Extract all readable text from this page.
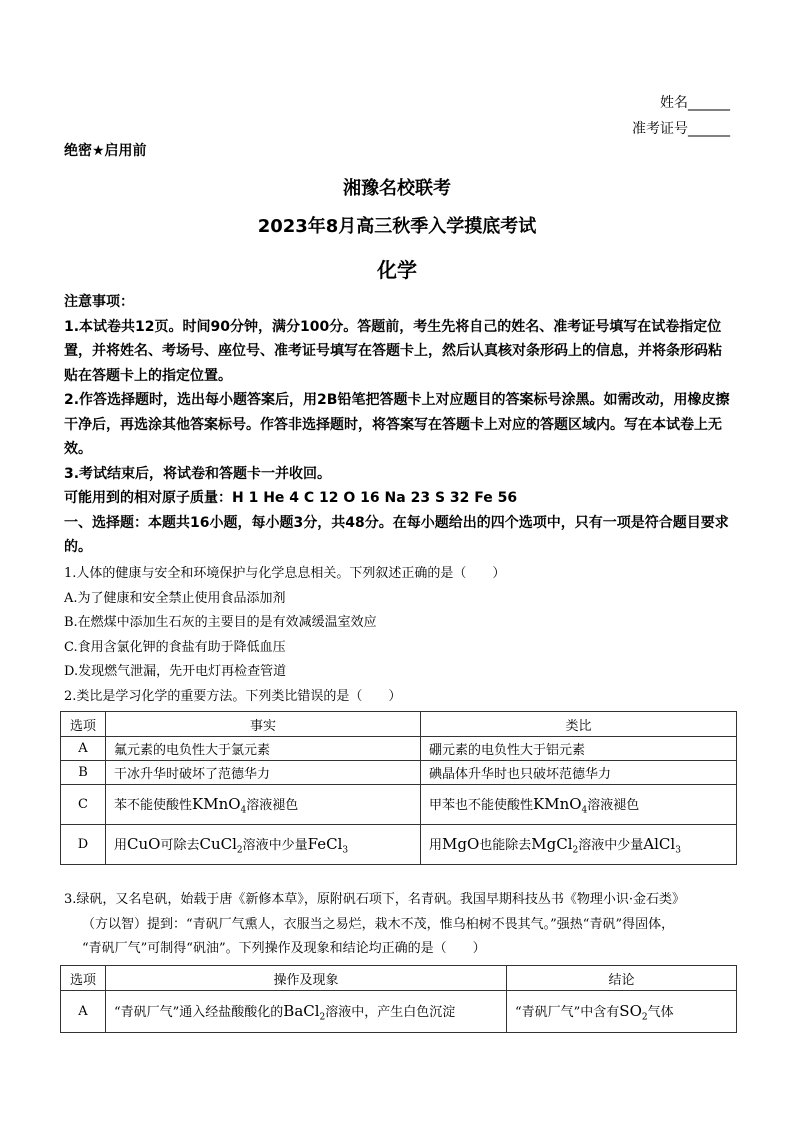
姓名______
准考证号______
绝密★启用前
湘豫名校联考
2023年8月高三秋季入学摸底考试
化学

注意事项：

1.本试卷共12页。时间90分钟，满分100分。答题前，考生先将自己的姓名、准考证号填写在试卷指定位置，并将姓名、考场号、座位号、准考证号填写在答题卡上，然后认真核对条形码上的信息，并将条形码粘贴在答题卡上的指定位置。

2.作答选择题时，选出每小题答案后，用2B铅笔把答题卡上对应题目的答案标号涂黑。如需改动，用橡皮擦干净后，再选涂其他答案标号。作答非选择题时，将答案写在答题卡上对应的答题区域内。写在本试卷上无效。

3.考试结束后，将试卷和答题卡一并收回。

可能用到的相对原子质量：H 1 He 4 C 12 O 16 Na 23 S 32 Fe 56

一、选择题：本题共16小题，每小题3分，共48分。在每小题给出的四个选项中，只有一项是符合题目要求的。

1.人体的健康与安全和环境保护与化学息息相关。下列叙述正确的是（　　）

A.为了健康和安全禁止使用食品添加剂

B.在燃煤中添加生石灰的主要目的是有效减缓温室效应

C.食用含氯化钾的食盐有助于降低血压

D.发现燃气泄漏，先开电灯再检查管道

2.类比是学习化学的重要方法。下列类比错误的是（　　）

选项	事实	类比
A	氟元素的电负性大于氯元素	硼元素的电负性大于铝元素
B	干冰升华时破坏了范德华力	碘晶体升华时也只破坏范德华力
C	苯不能使酸性KMnO$_4$溶液褪色	甲苯也不能使酸性KMnO$_4$溶液褪色
D	用CuO可除去CuCl$_2$溶液中少量FeCl$_3$	用MgO也能除去MgCl$_2$溶液中少量AlCl$_3$

3.绿矾，又名皂矾，始载于唐《新修本草》，原附矾石项下，名青矾。我国早期科技丛书《物理小识·金石类》

（方以智）提到：“青矾厂气熏人，衣服当之易烂，栽木不茂，惟乌桕树不畏其气。”强热“青矾”得固体，

“青矾厂气”可制得“矾油”。下列操作及现象和结论均正确的是（　　）

选项	操作及现象	结论
A	“青矾厂气”通入经盐酸酸化的BaCl$_2$溶液中，产生白色沉淀	“青矾厂气”中含有$SO_2$气体
